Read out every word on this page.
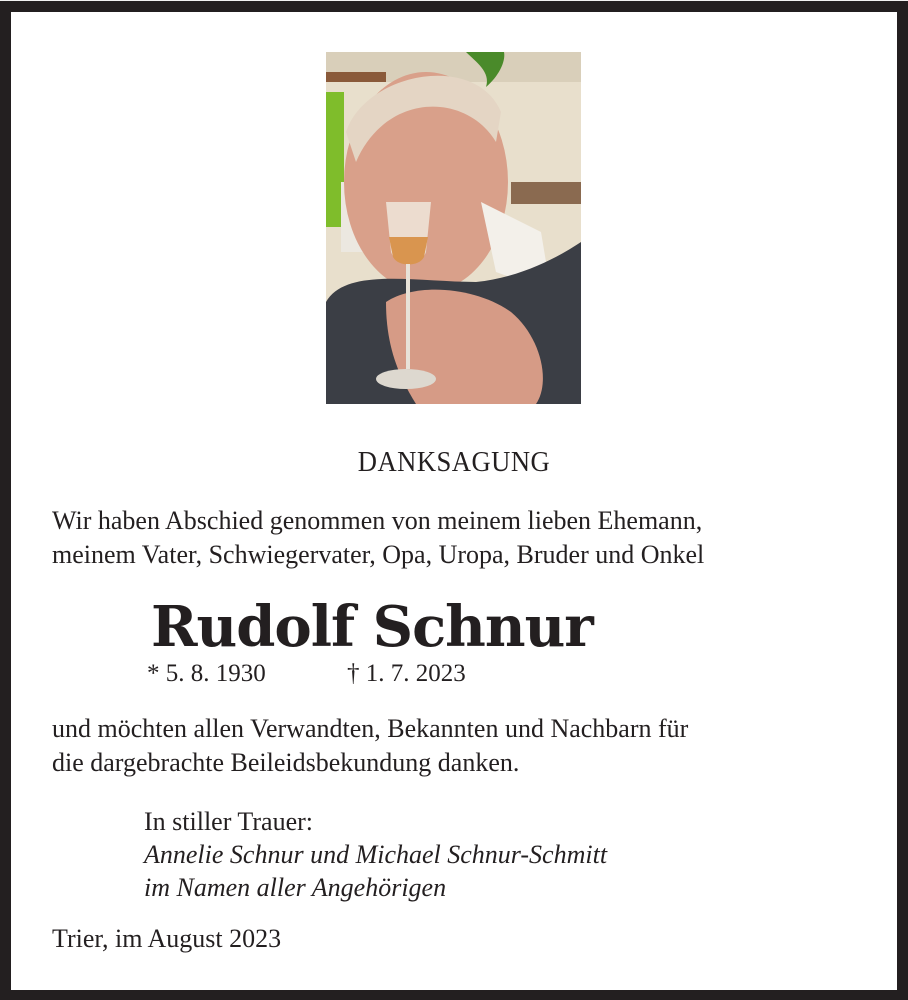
DANKSAGUNG
Wir haben Abschied genommen von meinem lieben Ehemann,
meinem Vater, Schwiegervater, Opa, Uropa, Bruder und Onkel
Rudolf Schnur
* 5. 8. 1930	† 1. 7. 2023
und möchten allen Verwandten, Bekannten und Nachbarn für
die dargebrachte Beileidsbekundung danken.
In stiller Trauer:
Annelie Schnur und Michael Schnur-Schmitt
im Namen aller Angehörigen
Trier, im August 2023
